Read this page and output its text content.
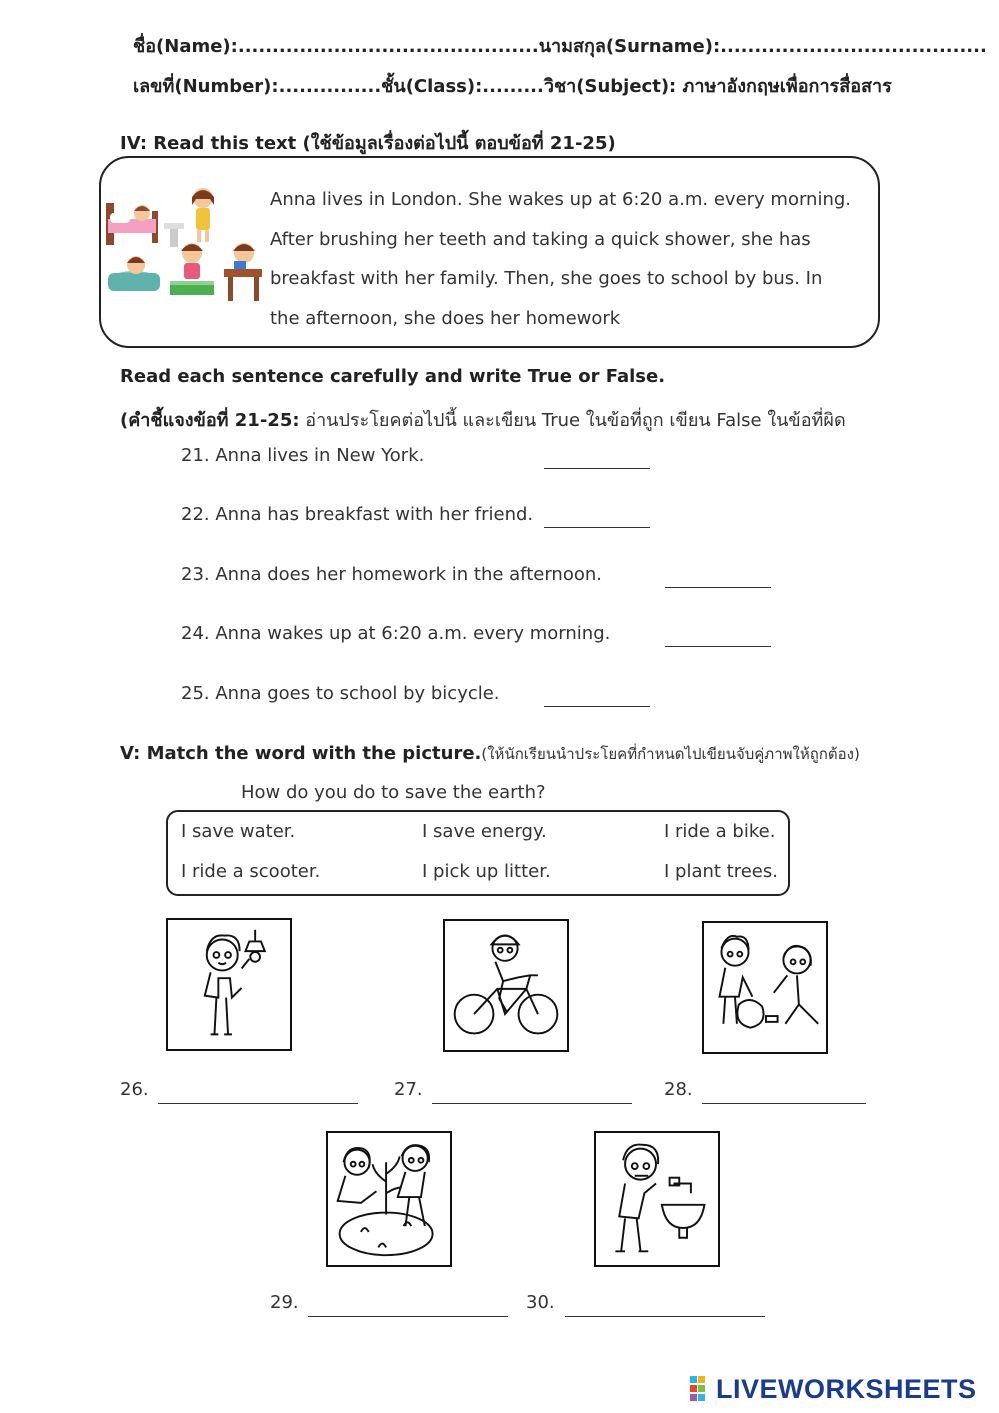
ชื่อ(Name):............................................นามสกุล(Surname):.......................................
เลขที่(Number):...............ชั้น(Class):.........วิชา(Subject): ภาษาอังกฤษเพื่อการสื่อสาร
IV: Read this text (ใช้ข้อมูลเรื่องต่อไปนี้ ตอบข้อที่ 21-25)
Anna lives in London. She wakes up at 6:20 a.m. every morning.
After brushing her teeth and taking a quick shower, she has
breakfast with her family. Then, she goes to school by bus. In
the afternoon, she does her homework
Read each sentence carefully and write True or False.
(คำชี้แจงข้อที่ 21-25: อ่านประโยคต่อไปนี้ และเขียน True ในข้อที่ถูก เขียน False ในข้อที่ผิด
21. Anna lives in New York.
22. Anna has breakfast with her friend.
23. Anna does her homework in the afternoon.
24. Anna wakes up at 6:20 a.m. every morning.
25. Anna goes to school by bicycle.
V: Match the word with the picture.(ให้นักเรียนนำประโยคที่กำหนดไปเขียนจับคู่ภาพให้ถูกต้อง)
How do you do to save the earth?
I save water.	I save energy.	I ride a bike.
I ride a scooter.	I pick up litter.	I plant trees.
26.	27.	28.
29.	30.
LIVEWORKSHEETS
